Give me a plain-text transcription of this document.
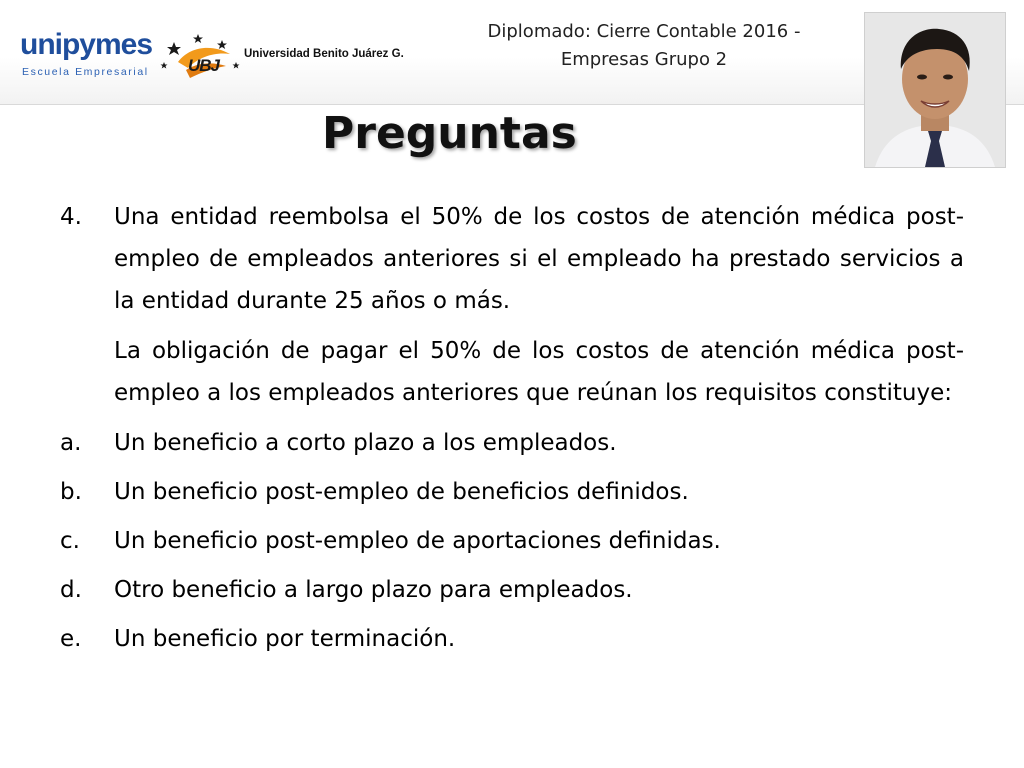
unipymes
Escuela Empresarial UBJ
Universidad Benito Juárez G.
Diplomado: Cierre Contable 2016 - Empresas Grupo 2
Preguntas
4.	Una entidad reembolsa el 50% de los costos de atención médica post-empleo de empleados anteriores si el empleado ha prestado servicios a la entidad durante 25 años o más.
La obligación de pagar el 50% de los costos de atención médica post-empleo a los empleados anteriores que reúnan los requisitos constituye:
a.	Un beneficio a corto plazo a los empleados.
b.	Un beneficio post-empleo de beneficios definidos.
c.	Un beneficio post-empleo de aportaciones definidas.
d.	Otro beneficio a largo plazo para empleados.
e.	Un beneficio por terminación.
